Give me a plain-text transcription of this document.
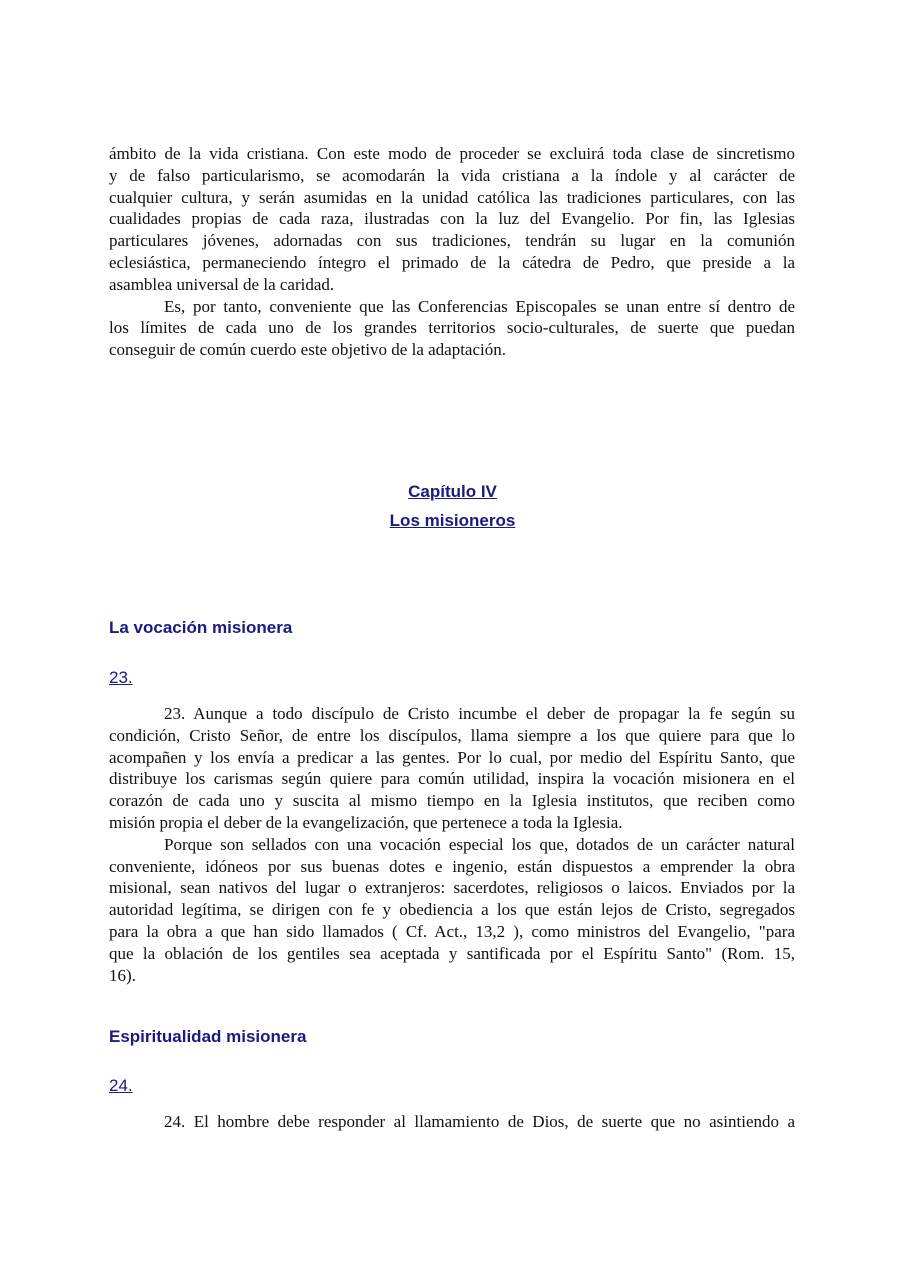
ámbito de la vida cristiana. Con este modo de proceder se excluirá toda clase de sincretismo
y de falso particularismo, se acomodarán la vida cristiana a la índole y al carácter de
cualquier cultura, y serán asumidas en la unidad católica las tradiciones particulares, con las
cualidades propias de cada raza, ilustradas con la luz del Evangelio. Por fin, las Iglesias
particulares jóvenes, adornadas con sus tradiciones, tendrán su lugar en la comunión
eclesiástica, permaneciendo íntegro el primado de la cátedra de Pedro, que preside a la
asamblea universal de la caridad.
Es, por tanto, conveniente que las Conferencias Episcopales se unan entre sí dentro de
los límites de cada uno de los grandes territorios socio-culturales, de suerte que puedan
conseguir de común cuerdo este objetivo de la adaptación.
Capítulo IV
Los misioneros
La vocación misionera
23.
23. Aunque a todo discípulo de Cristo incumbe el deber de propagar la fe según su
condición, Cristo Señor, de entre los discípulos, llama siempre a los que quiere para que lo
acompañen y los envía a predicar a las gentes. Por lo cual, por medio del Espíritu Santo, que
distribuye los carismas según quiere para común utilidad, inspira la vocación misionera en el
corazón de cada uno y suscita al mismo tiempo en la Iglesia institutos, que reciben como
misión propia el deber de la evangelización, que pertenece a toda la Iglesia.
Porque son sellados con una vocación especial los que, dotados de un carácter natural
conveniente, idóneos por sus buenas dotes e ingenio, están dispuestos a emprender la obra
misional, sean nativos del lugar o extranjeros: sacerdotes, religiosos o laicos. Enviados por la
autoridad legítima, se dirigen con fe y obediencia a los que están lejos de Cristo, segregados
para la obra a que han sido llamados ( Cf. Act., 13,2 ), como ministros del Evangelio, "para
que la oblación de los gentiles sea aceptada y santificada por el Espíritu Santo" (Rom. 15,
16).
Espiritualidad misionera
24.
24. El hombre debe responder al llamamiento de Dios, de suerte que no asintiendo a
